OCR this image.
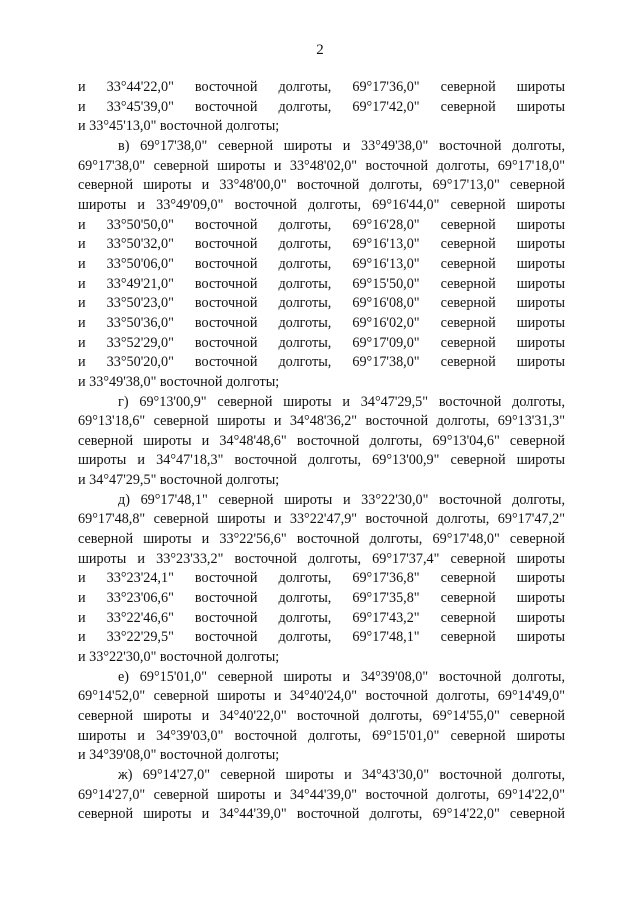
2
и 33°44'22,0" восточной долготы, 69°17'36,0" северной широты
и 33°45'39,0" восточной долготы, 69°17'42,0" северной широты
и 33°45'13,0" восточной долготы;
в) 69°17'38,0" северной широты и 33°49'38,0" восточной долготы,
69°17'38,0" северной широты и 33°48'02,0" восточной долготы, 69°17'18,0"
северной широты и 33°48'00,0" восточной долготы, 69°17'13,0" северной
широты и 33°49'09,0" восточной долготы, 69°16'44,0" северной широты
и 33°50'50,0" восточной долготы, 69°16'28,0" северной широты
и 33°50'32,0" восточной долготы, 69°16'13,0" северной широты
и 33°50'06,0" восточной долготы, 69°16'13,0" северной широты
и 33°49'21,0" восточной долготы, 69°15'50,0" северной широты
и 33°50'23,0" восточной долготы, 69°16'08,0" северной широты
и 33°50'36,0" восточной долготы, 69°16'02,0" северной широты
и 33°52'29,0" восточной долготы, 69°17'09,0" северной широты
и 33°50'20,0" восточной долготы, 69°17'38,0" северной широты
и 33°49'38,0" восточной долготы;
г) 69°13'00,9" северной широты и 34°47'29,5" восточной долготы,
69°13'18,6" северной широты и 34°48'36,2" восточной долготы, 69°13'31,3"
северной широты и 34°48'48,6" восточной долготы, 69°13'04,6" северной
широты и 34°47'18,3" восточной долготы, 69°13'00,9" северной широты
и 34°47'29,5" восточной долготы;
д) 69°17'48,1" северной широты и 33°22'30,0" восточной долготы,
69°17'48,8" северной широты и 33°22'47,9" восточной долготы, 69°17'47,2"
северной широты и 33°22'56,6" восточной долготы, 69°17'48,0" северной
широты и 33°23'33,2" восточной долготы, 69°17'37,4" северной широты
и 33°23'24,1" восточной долготы, 69°17'36,8" северной широты
и 33°23'06,6" восточной долготы, 69°17'35,8" северной широты
и 33°22'46,6" восточной долготы, 69°17'43,2" северной широты
и 33°22'29,5" восточной долготы, 69°17'48,1" северной широты
и 33°22'30,0" восточной долготы;
е) 69°15'01,0" северной широты и 34°39'08,0" восточной долготы,
69°14'52,0" северной широты и 34°40'24,0" восточной долготы, 69°14'49,0"
северной широты и 34°40'22,0" восточной долготы, 69°14'55,0" северной
широты и 34°39'03,0" восточной долготы, 69°15'01,0" северной широты
и 34°39'08,0" восточной долготы;
ж) 69°14'27,0" северной широты и 34°43'30,0" восточной долготы,
69°14'27,0" северной широты и 34°44'39,0" восточной долготы, 69°14'22,0"
северной широты и 34°44'39,0" восточной долготы, 69°14'22,0" северной
